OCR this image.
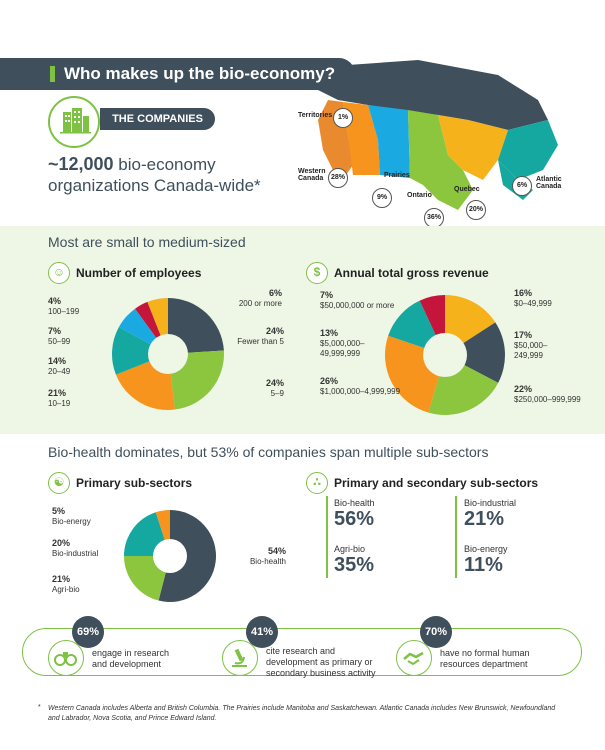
Who makes up the bio-economy?
THE COMPANIES
~12,000 bio-economy
organizations Canada-wide*
Territories 1%
Western Canada	28%	Prairies
9%	Ontario
36%
Quebec
20%
6%
Atlantic Canada
Most are small to medium-sized
☺ Number of employees	$	Annual total gross revenue
4%
100–199
7%
50–99
14%
20–49
21%
10–19
6%
200 or more
24%
Fewer than 5
24%
5–9
7%
$50,000,000 or more
13%
$5,000,000–49,999,999
26%
$1,000,000–4,999,999
16%
$0–49,999
17%
$50,000–249,999
22%
$250,000–999,999
Bio-health dominates, but 53% of companies span multiple sub-sectors
☯ Primary sub-sectors
5%
Bio-energy
20%
Bio-industrial
21%
Agri-bio
54%
Bio-health
∴	Primary and secondary sub-sectors
Bio-health
56%
Agri-bio
35%
Bio-industrial
21%
Bio-energy
11%
69%
engage in research
and development
41%
cite research and
development as primary or
secondary business activity
70%
have no formal human
resources department
* Western Canada includes Alberta and British Columbia. The Prairies include Manitoba and Saskatchewan. Atlantic Canada includes New Brunswick, Newfoundland and Labrador, Nova Scotia, and Prince Edward Island.
